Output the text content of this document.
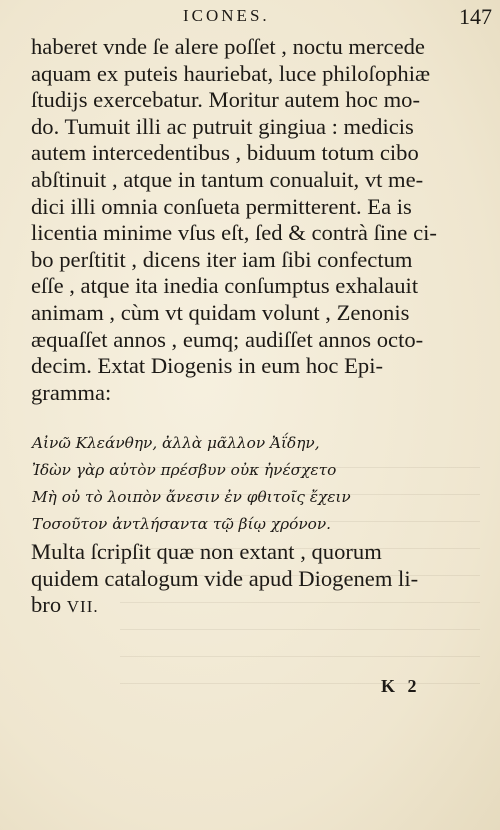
ICONES.	147
haberet vnde ſe alere poſſet , noctu mercede
aquam ex puteis hauriebat, luce philoſophiæ
ſtudijs exercebatur. Moritur autem hoc mo-
do. Tumuit illi ac putruit gingiua : medicis
autem intercedentibus , biduum totum cibo
abſtinuit , atque in tantum conualuit, vt me-
dici illi omnia conſueta permitterent. Ea is
licentia minime vſus eſt, ſed & contrà ſine ci-
bo perſtitit , dicens iter iam ſibi confectum
eſſe , atque ita inedia conſumptus exhalauit
animam , cùm vt quidam volunt , Zenonis
æquaſſet annos , eumq; audiſſet annos octo-
decim. Extat Diogenis in eum hoc Epi-
gramma:
Αἰνῶ Κλεάνθην, ἀλλὰ μᾶλλον Ἀΐδην,
Ἰδὼν γὰρ αὐτὸν πρέσβυν οὐκ ἠνέσχετο
Μὴ οὐ τὸ λοιπὸν ἄνεσιν ἐν φθιτοῖς ἔχειν
Τοσοῦτον ἀντλήσαντα τῷ βίῳ χρόνον.
Multa ſcripſit quæ non extant , quorum
quidem catalogum vide apud Diogenem li-
bro VII.
K 2
